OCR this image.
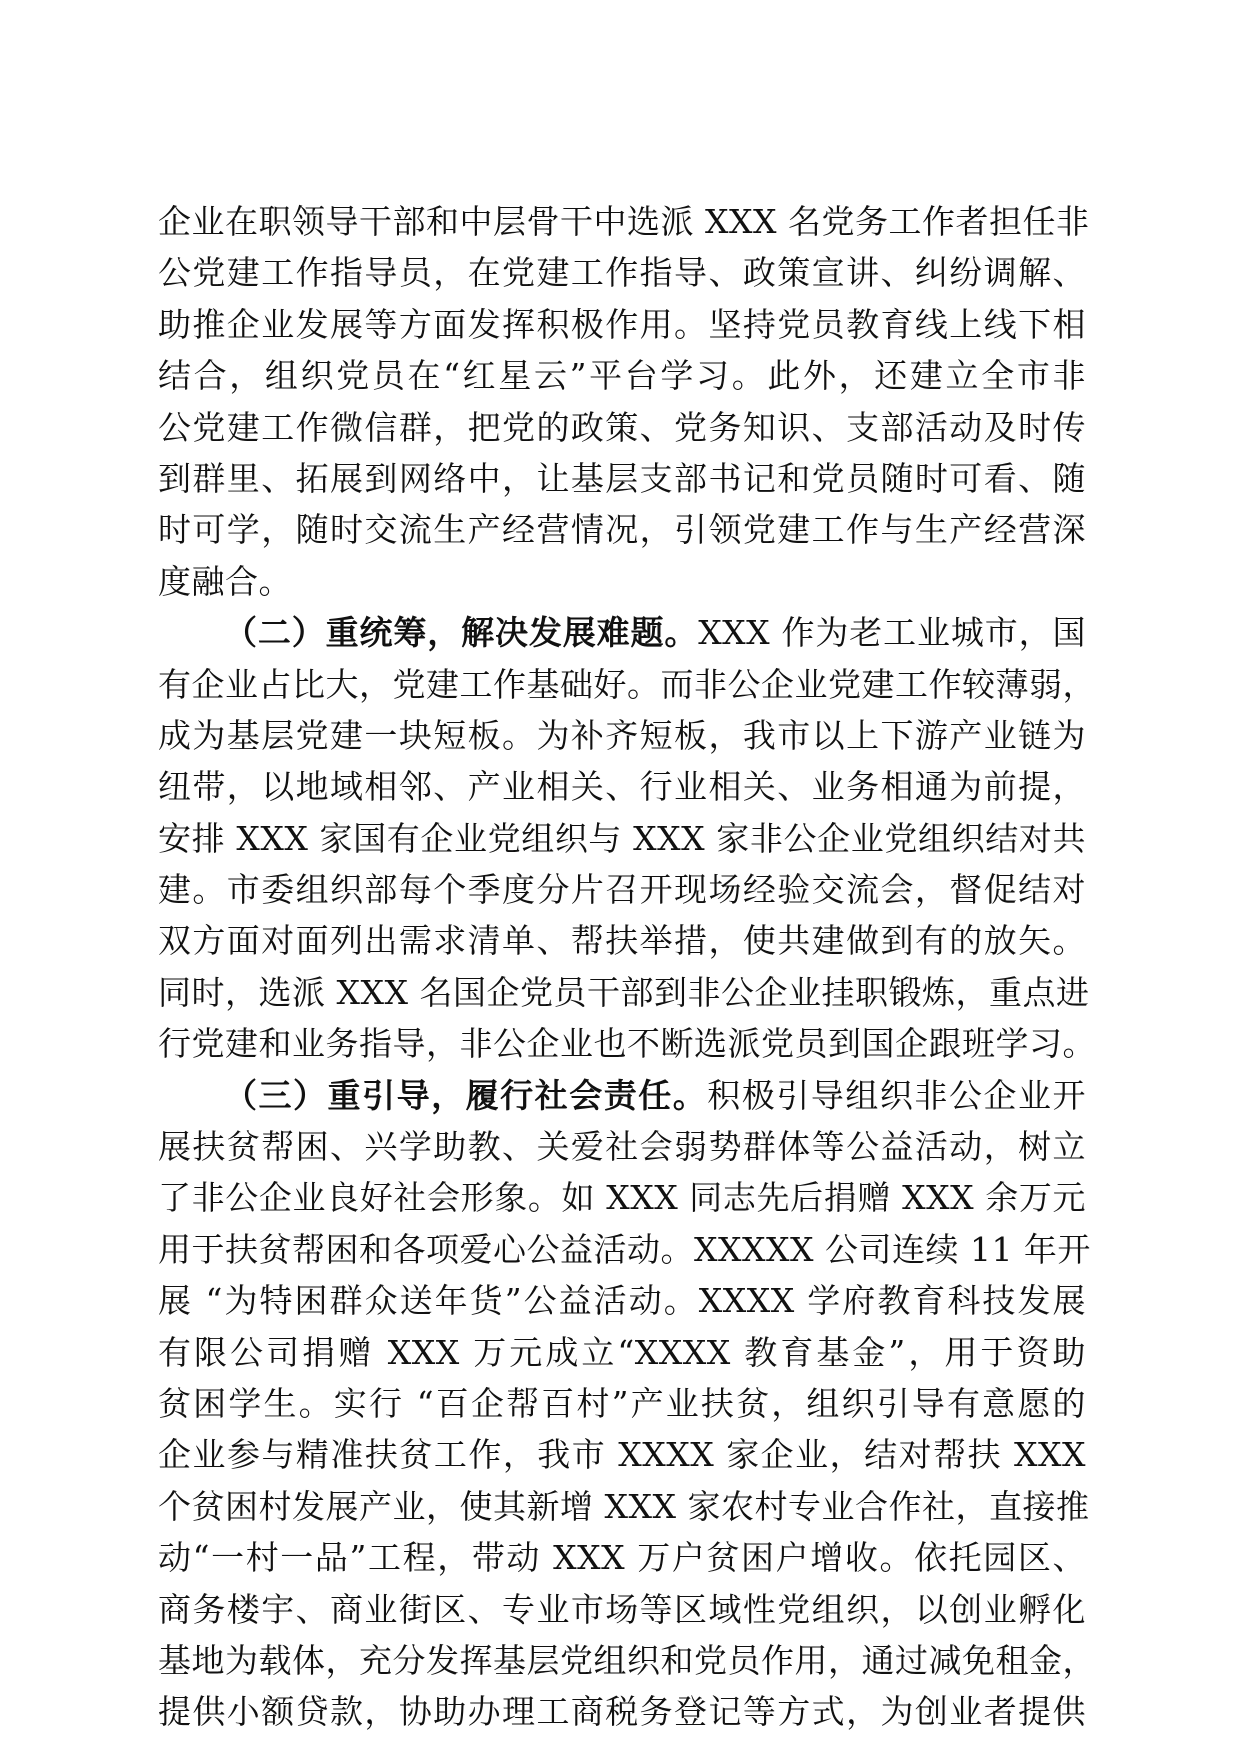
企业在职领导干部和中层骨干中选派 XXX 名党务工作者担任非
公党建工作指导员，在党建工作指导、政策宣讲、纠纷调解、
助推企业发展等方面发挥积极作用。坚持党员教育线上线下相
结合，组织党员在“红星云”平台学习。此外，还建立全市非
公党建工作微信群，把党的政策、党务知识、支部活动及时传
到群里、拓展到网络中，让基层支部书记和党员随时可看、随
时可学，随时交流生产经营情况，引领党建工作与生产经营深
度融合。
（二）重统筹，解决发展难题。XXX 作为老工业城市，国
有企业占比大，党建工作基础好。而非公企业党建工作较薄弱，
成为基层党建一块短板。为补齐短板，我市以上下游产业链为
纽带，以地域相邻、产业相关、行业相关、业务相通为前提，
安排 XXX 家国有企业党组织与 XXX 家非公企业党组织结对共
建。市委组织部每个季度分片召开现场经验交流会，督促结对
双方面对面列出需求清单、帮扶举措，使共建做到有的放矢。
同时，选派 XXX 名国企党员干部到非公企业挂职锻炼，重点进
行党建和业务指导，非公企业也不断选派党员到国企跟班学习。
（三）重引导，履行社会责任。积极引导组织非公企业开
展扶贫帮困、兴学助教、关爱社会弱势群体等公益活动，树立
了非公企业良好社会形象。如 XXX 同志先后捐赠 XXX 余万元
用于扶贫帮困和各项爱心公益活动。XXXXX 公司连续 11 年开
展 “为特困群众送年货”公益活动。XXXX 学府教育科技发展
有限公司捐赠 XXX 万元成立“XXXX 教育基金”，用于资助
贫困学生。实行 “百企帮百村”产业扶贫，组织引导有意愿的
企业参与精准扶贫工作，我市 XXXX 家企业，结对帮扶 XXX
个贫困村发展产业，使其新增 XXX 家农村专业合作社，直接推
动“一村一品”工程，带动 XXX 万户贫困户增收。依托园区、
商务楼宇、商业街区、专业市场等区域性党组织，以创业孵化
基地为载体，充分发挥基层党组织和党员作用，通过减免租金，
提供小额贷款，协助办理工商税务登记等方式，为创业者提供
